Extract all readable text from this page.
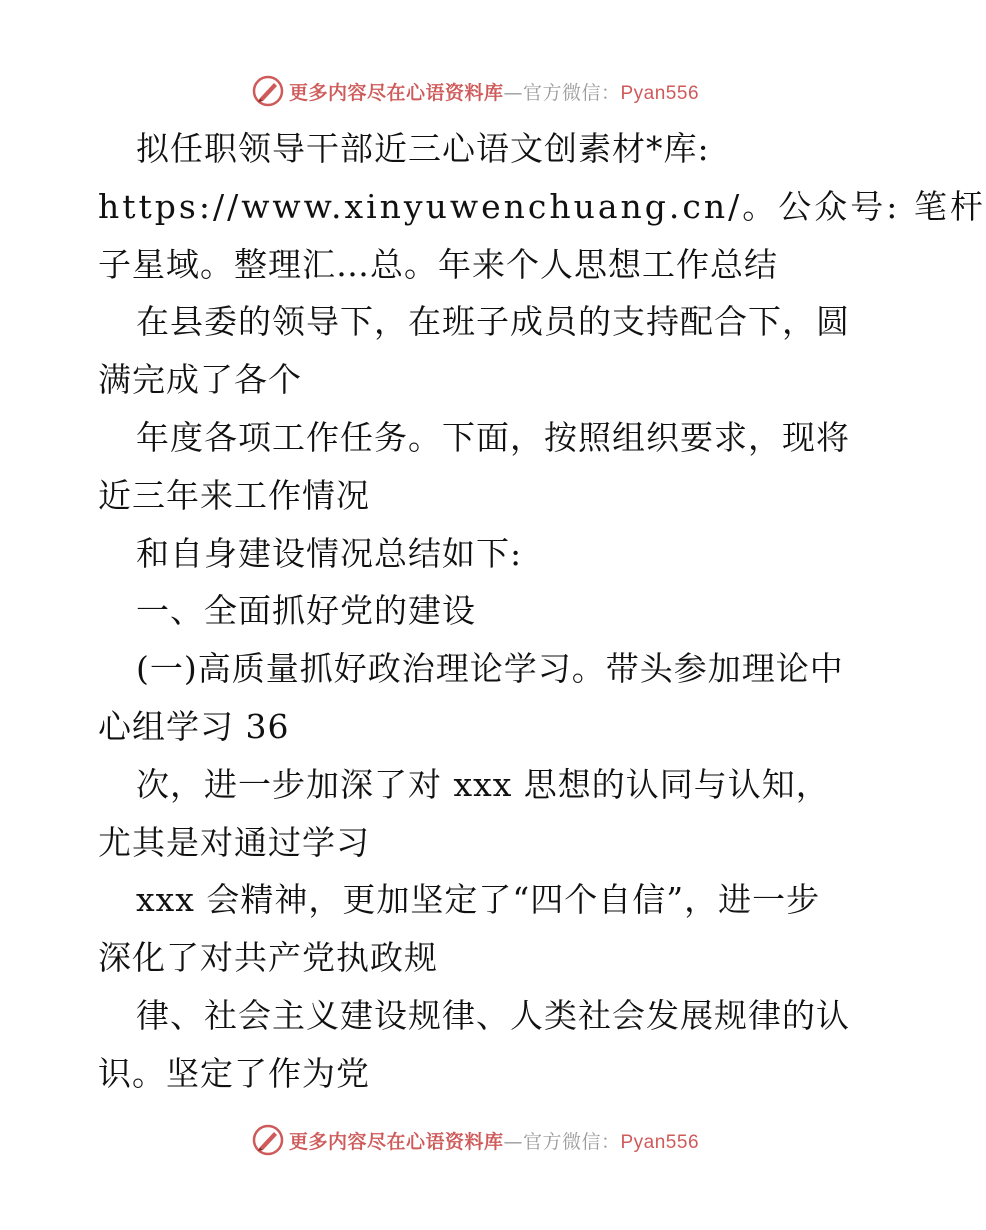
更多内容尽在心语资料库—官方微信：Pyan556
拟任职领导干部近三心语文创素材*库:
https://www.xinyuwenchuang.cn/。公众号: 笔杆
子星域。整理汇…总。年来个人思想工作总结
在县委的领导下，在班子成员的支持配合下，圆
满完成了各个
年度各项工作任务。下面，按照组织要求，现将
近三年来工作情况
和自身建设情况总结如下:
一、全面抓好党的建设
(一)高质量抓好政治理论学习。带头参加理论中
心组学习 36
次，进一步加深了对 xxx 思想的认同与认知，
尤其是对通过学习
xxx 会精神，更加坚定了“四个自信”，进一步
深化了对共产党执政规
律、社会主义建设规律、人类社会发展规律的认
识。坚定了作为党
更多内容尽在心语资料库—官方微信：Pyan556
